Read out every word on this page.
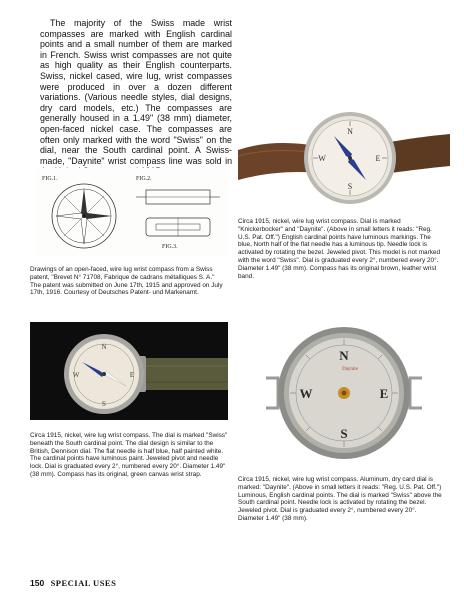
The majority of the Swiss made wrist compasses are marked with English cardinal points and a small number of them are marked in French. Swiss wrist compasses are not quite as high quality as their English counterparts. Swiss, nickel cased, wire lug, wrist compasses were produced in over a dozen different variations. (Various needle styles, dial designs, dry card models, etc.) The compasses are generally housed in a 1.49" (38 mm) diameter, open-faced nickel case. The compasses are often only marked with the word "Swiss" on the dial, near the South cardinal point. A Swiss-made, "Daynite" wrist compass line was sold in

N
S
W	E
Circa 1915, nickel, wire lug wrist compass. Dial is marked "Knickerbocker" and "Daynite". (Above in small letters it reads: "Reg. U.S. Pat. Off.") English cardinal points have luminous markings. The blue, North half of the flat needle has a luminous tip. Needle lock is activated by rotating the bezel. Jeweled pivot. This model is not marked with the word "Swiss". Dial is graduated every 2°, numbered every 20°. Diameter 1.49" (38 mm). Compass has its original brown, leather wrist band.
FIG.1.	FIG.2.
FIG.3.
Drawings of an open-faced, wire lug wrist compass from a Swiss patent, "Brevet N° 71708, Fabrique de cadrans métalliques S. A." The patent was submitted on June 17th, 1915 and approved on July 17th, 1916. Courtesy of Deutsches Patent- und Markenamt.
N
S
W	E
Circa 1915, nickel, wire lug wrist compass. The dial is marked "Swiss" beneath the South cardinal point. The dial design is similar to the British, Dennison dial. The flat needle is half blue, half painted white. The cardinal points have luminous paint. Jeweled pivot and needle lock. Dial is graduated every 2°, numbered every 20°. Diameter 1.49" (38 mm). Compass has its original, green canvas wrist strap.
N
S
W	E
Daynite
Circa 1915, nickel, wire lug wrist compass. Aluminum, dry card dial is marked: "Daynite". (Above in small letters it reads: "Reg. U.S. Pat. Off.") Luminous, English cardinal points. The dial is marked "Swiss" above the South cardinal point. Needle lock is activated by rotating the bezel. Jeweled pivot. Dial is graduated every 2°, numbered every 20°. Diameter 1.49" (38 mm).
150 SPECIAL USES
